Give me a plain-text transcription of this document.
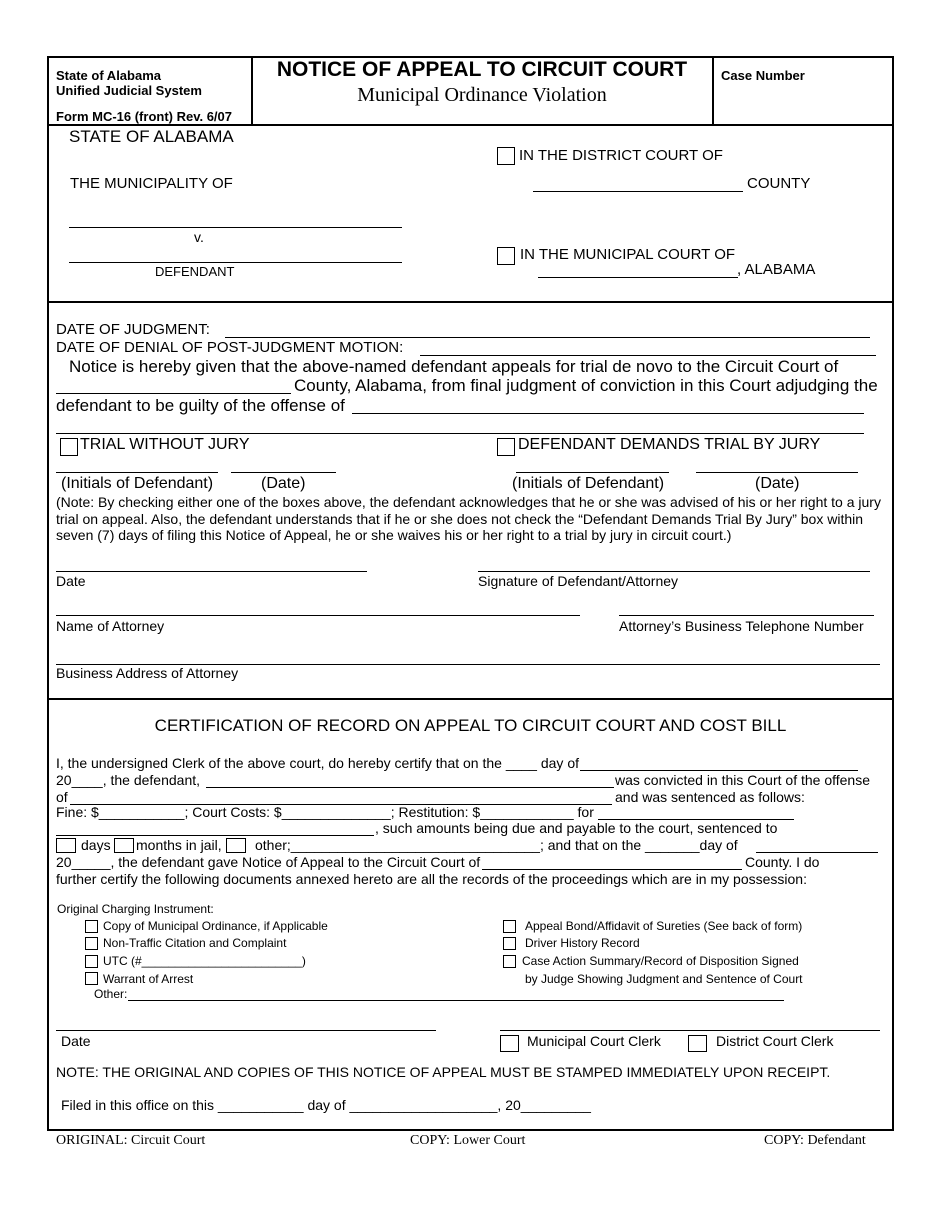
State of Alabama
Unified Judicial System
Form MC-16 (front) Rev. 6/07
NOTICE OF APPEAL TO CIRCUIT COURT
Municipal Ordinance Violation
Case Number
STATE OF ALABAMA
THE MUNICIPALITY OF
v.
DEFENDANT
IN THE DISTRICT COURT OF
COUNTY
IN THE MUNICIPAL COURT OF
, ALABAMA
DATE OF JUDGMENT:
DATE OF DENIAL OF POST-JUDGMENT MOTION:
Notice is hereby given that the above-named defendant appeals for trial de novo to the Circuit Court of
County, Alabama, from final judgment of conviction in this Court adjudging the
defendant to be guilty of the offense of
TRIAL WITHOUT JURY	DEFENDANT DEMANDS TRIAL BY JURY
(Initials of Defendant)	(Date)	(Initials of Defendant)	(Date)
(Note: By checking either one of the boxes above, the defendant acknowledges that he or she was advised of his or her right to a jury
trial on appeal. Also, the defendant understands that if he or she does not check the “Defendant Demands Trial By Jury” box within
seven (7) days of filing this Notice of Appeal, he or she waives his or her right to a trial by jury in circuit court.)
Date	Signature of Defendant/Attorney
Name of Attorney	Attorney’s Business Telephone Number
Business Address of Attorney
CERTIFICATION OF RECORD ON APPEAL TO CIRCUIT COURT AND COST BILL
I, the undersigned Clerk of the above court, do hereby certify that on the ____ day of
20____, the defendant,	was convicted in this Court of the offense
of	and was sentenced as follows:
Fine: $___________; Court Costs: $______________; Restitution: $____________ for
, such amounts being due and payable to the court, sentenced to
days months in jail, other;________________________________; and that on the _______day of
20_____, the defendant gave Notice of Appeal to the Circuit Court of	County. I do
further certify the following documents annexed hereto are all the records of the proceedings which are in my possession:
Original Charging Instrument:
Copy of Municipal Ordinance, if Applicable
Non-Traffic Citation and Complaint
UTC (#________________________)
Warrant of Arrest
Other:
Appeal Bond/Affidavit of Sureties (See back of form)
Driver History Record
Case Action Summary/Record of Disposition Signed
by Judge Showing Judgment and Sentence of Court
Date	Municipal Court Clerk	District Court Clerk
NOTE: THE ORIGINAL AND COPIES OF THIS NOTICE OF APPEAL MUST BE STAMPED IMMEDIATELY UPON RECEIPT.
Filed in this office on this ___________ day of ___________________, 20_________
ORIGINAL: Circuit Court	COPY: Lower Court	COPY: Defendant
